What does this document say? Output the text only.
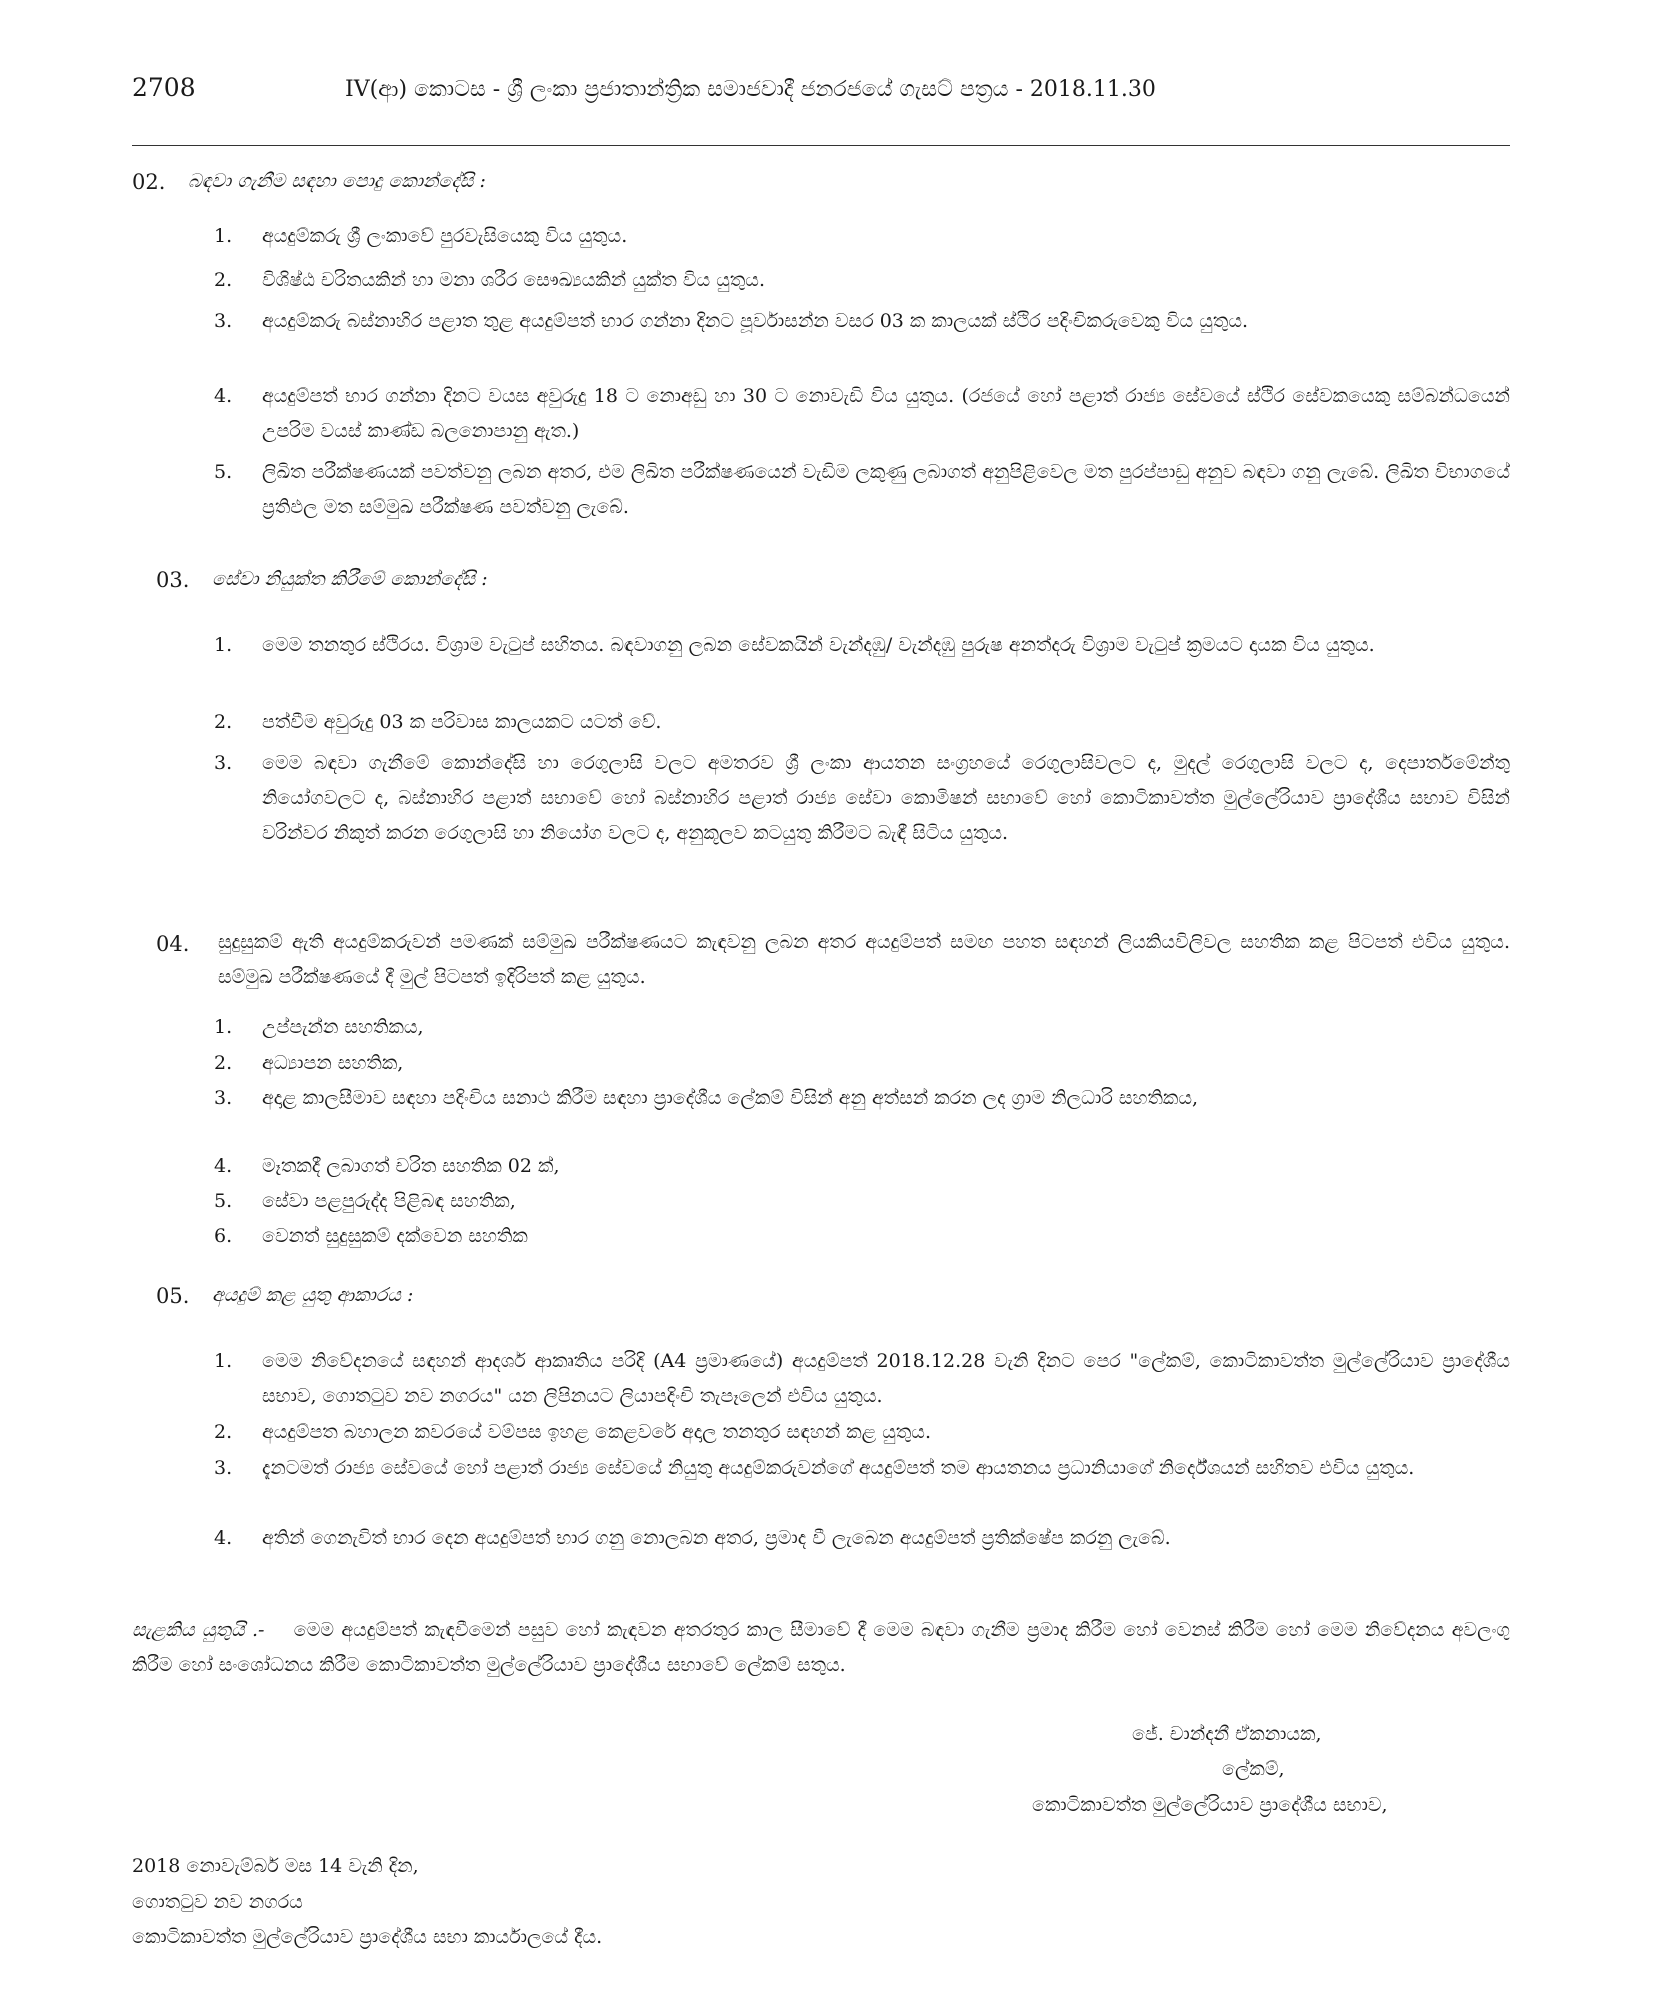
2708	IV(ආ) කොටස - ශ්‍රී ලංකා ප්‍රජාතාන්ත්‍රික සමාජවාදී ජනරජයේ ගැසට් පත්‍රය - 2018.11.30
02. බඳවා ගැනීම සඳහා පොදු කොන්දේසි :
1.	අයදුම්කරු ශ්‍රී ලංකාවේ පුරවැසියෙකු විය යුතුය.
2.	විශිෂ්ඨ චරිතයකින් හා මනා ශරීර සෞඛ්‍යයකින් යුක්ත විය යුතුය.
3.	අයදුම්කරු බස්නාහිර පළාත තුළ අයදුම්පත් භාර ගන්නා දිනට පූර්වාසන්න වසර 03 ක කාලයක් ස්ථිර පදිංචිකරුවෙකු විය යුතුය.
4.	අයදුම්පත් භාර ගන්නා දිනට වයස අවුරුදු 18 ට නොඅඩු හා 30 ට නොවැඩි විය යුතුය. (රජයේ හෝ පළාත් රාජ්‍ය සේවයේ ස්ථිර සේවකයෙකු සම්බන්ධයෙන් උපරිම වයස් කාණ්ඩ බලනොපානු ඇත.)
5.	ලිඛිත පරීක්ෂණයක් පවත්වනු ලබන අතර, එම ලිඛිත පරීක්ෂණයෙන් වැඩිම ලකුණු ලබාගත් අනුපිළිවෙල මත පුරප්පාඩු අනුව බඳවා ගනු ලැබේ. ලිඛිත විභාගයේ ප්‍රතිඵල මත සම්මුඛ පරීක්ෂණ පවත්වනු ලැබේ.
03. සේවා නියුක්ත කිරීමේ කොන්දේසි :
1.	මෙම තනතුර ස්ථිරය. විශ්‍රාම වැටුප් සහිතය. බඳවාගනු ලබන සේවකයින් වැන්දඹු/ වැන්දඹු පුරුෂ අනත්දරු විශ්‍රාම වැටුප් ක්‍රමයට දායක විය යුතුය.
2.	පත්වීම අවුරුදු 03 ක පරිවාස කාලයකට යටත් වේ.
3.	මෙම බඳවා ගැනීමේ කොන්දේසි හා රෙගුලාසි වලට අමතරව ශ්‍රී ලංකා ආයතන සංග්‍රහයේ රෙගුලාසිවලට ද, මුදල් රෙගුලාසි වලට ද, දෙපාර්තමේන්තු නියෝගවලට ද, බස්නාහිර පළාත් සභාවේ හෝ බස්නාහිර පළාත් රාජ්‍ය සේවා කොමිෂන් සභාවේ හෝ කොටිකාවත්ත මුල්ලේරියාව ප්‍රාදේශීය සභාව විසින් වරින්වර නිකුත් කරන රෙගුලාසි හා නියෝග වලට ද, අනුකූලව කටයුතු කිරීමට බැඳී සිටිය යුතුය.
04. සුදුසුකම් ඇති අයදුම්කරුවන් පමණක් සම්මුඛ පරීක්ෂණයට කැඳවනු ලබන අතර අයදුම්පත් සමඟ පහත සඳහන් ලියකියවිලිවල සහතික කළ පිටපත් එවිය යුතුය. සම්මුඛ පරීක්ෂණයේ දී මුල් පිටපත් ඉදිරිපත් කළ යුතුය.
1.	උප්පැන්න සහතිකය,
2.	අධ්‍යාපන සහතික,
3.	අදාළ කාලසීමාව සඳහා පදිංචිය සනාථ කිරීම සඳහා ප්‍රාදේශීය ලේකම් විසින් අනු අත්සන් කරන ලද ග්‍රාම නිලධාරි සහතිකය,
4.	මෑතකදී ලබාගත් චරිත සහතික 02 ක්,
5.	සේවා පළපුරුද්ද පිළිබඳ සහතික,
6.	වෙනත් සුදුසුකම් දක්වෙන සහතික
05. අයදුම් කළ යුතු ආකාරය :
1.	මෙම නිවේදනයේ සඳහන් ආදර්ශ ආකෘතිය පරිදි (A4 ප්‍රමාණයේ) අයදුම්පත් 2018.12.28 වැනි දිනට පෙර "ලේකම්, කොටිකාවත්ත මුල්ලේරියාව ප්‍රාදේශීය සභාව, ගොතටුව නව නගරය" යන ලිපිනයට ලියාපදිංචි තැපෑලෙන් එවිය යුතුය.
2.	අයදුම්පත බහාලන කවරයේ වම්පස ඉහළ කෙළවරේ අදාල තනතුර සඳහන් කළ යුතුය.
3.	දැනටමත් රාජ්‍ය සේවයේ හෝ පළාත් රාජ්‍ය සේවයේ නියුතු අයදුම්කරුවන්ගේ අයදුම්පත් තම ආයතනය ප්‍රධානියාගේ නිර්දේශයන් සහිතව එවිය යුතුය.
4.	අතින් ගෙනැවිත් භාර දෙන අයදුම්පත් භාර ගනු නොලබන අතර, ප්‍රමාද වී ලැබෙන අයදුම්පත් ප්‍රතික්ෂේප කරනු ලැබේ.
සැළකිය යුතුයි .- මෙම අයදුම්පත් කැඳවීමෙන් පසුව හෝ කැඳවන අතරතුර කාල සීමාවේ දී මෙම බඳවා ගැනීම ප්‍රමාද කිරීම හෝ වෙනස් කිරීම හෝ මෙම නිවේදනය අවලංගු කිරීම හෝ සංශෝධනය කිරීම කොටිකාවත්ත මුල්ලේරියාව ප්‍රාදේශීය සභාවේ ලේකම් සතුය.
ජේ. චාන්දනී ඒකනායක,
ලේකම්,
කොටිකාවත්ත මුල්ලේරියාව ප්‍රාදේශීය සභාව,
2018 නොවැම්බර් මස 14 වැනි දින,
ගොතටුව නව නගරය
කොටිකාවත්ත මුල්ලේරියාව ප්‍රාදේශීය සභා කාර්යාලයේ දීය.
